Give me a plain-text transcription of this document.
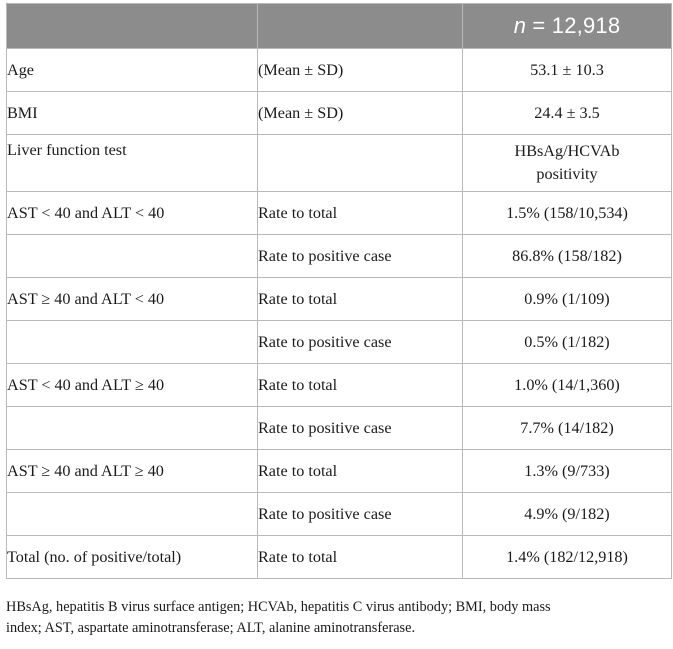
		n = 12,918
Age	(Mean ± SD)	53.1 ± 10.3
BMI	(Mean ± SD)	24.4 ± 3.5
Liver function test		HBsAg/HCVAb
positivity

AST < 40 and ALT < 40	Rate to total	1.5% (158/10,534)
	Rate to positive case	86.8% (158/182)
AST ≥ 40 and ALT < 40	Rate to total	0.9% (1/109)
	Rate to positive case	0.5% (1/182)
AST < 40 and ALT ≥ 40	Rate to total	1.0% (14/1,360)
	Rate to positive case	7.7% (14/182)
AST ≥ 40 and ALT ≥ 40	Rate to total	1.3% (9/733)
	Rate to positive case	4.9% (9/182)
Total (no. of positive/total)	Rate to total	1.4% (182/12,918)
HBsAg, hepatitis B virus surface antigen; HCVAb, hepatitis C virus antibody; BMI, body mass
index; AST, aspartate aminotransferase; ALT, alanine aminotransferase.
